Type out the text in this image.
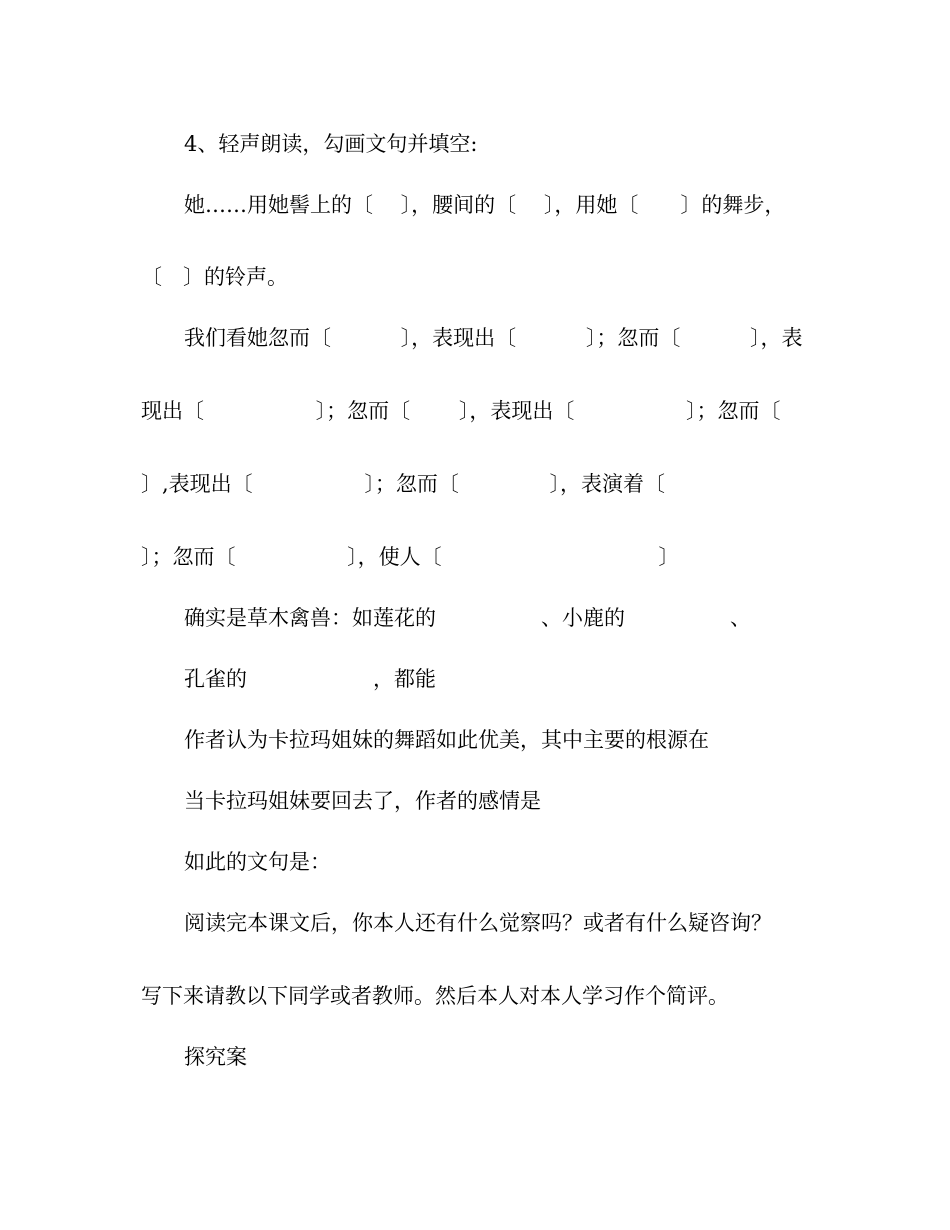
4、轻声朗读，勾画文句并填空:
她……用她髻上的〔　 〕，腰间的〔　 〕，用她〔　　〕的舞步，
〔　〕的铃声。
我们看她忽而〔　　　 〕，表现出〔　　　 〕；忽而〔　　　 〕，表
现出〔　　　　　 〕；忽而〔　　 〕，表现出〔　　　　　 〕；忽而〔
〕,表现出〔　　　　　 〕；忽而〔　　　　 〕，表演着〔
〕；忽而〔　　　　　 〕，使人〔　　　　　　　　　　 〕
确实是草木禽兽：如莲花的　　　　　、小鹿的　　　　　、
孔雀的　　　　　　，都能
作者认为卡拉玛姐妹的舞蹈如此优美，其中主要的根源在
当卡拉玛姐妹要回去了，作者的感情是
如此的文句是：
阅读完本课文后，你本人还有什么觉察吗？或者有什么疑咨询？
写下来请教以下同学或者教师。然后本人对本人学习作个简评。
探究案
